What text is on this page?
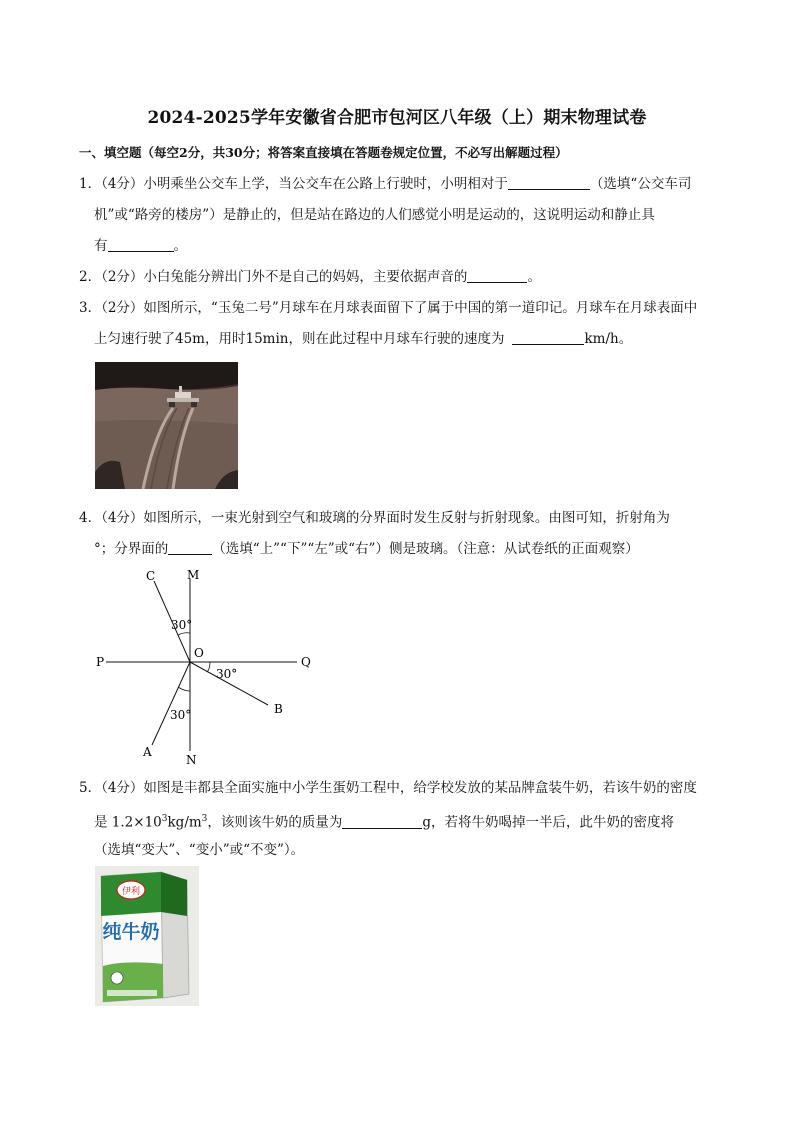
2024-2025学年安徽省合肥市包河区八年级（上）期末物理试卷
一、填空题（每空2分，共30分；将答案直接填在答题卷规定位置，不必写出解题过程）
1．（4分）小明乘坐公交车上学，当公交车在公路上行驶时，小明相对于	（选填“公交车司
机”或“路旁的楼房”）是静止的，但是站在路边的人们感觉小明是运动的，这说明运动和静止具
有	。
2．（2分）小白兔能分辨出门外不是自己的妈妈，主要依据声音的	。
3．（2分）如图所示，“玉兔二号”月球车在月球表面留下了属于中国的第一道印记。月球车在月球表面中
上匀速行驶了45m，用时15min，则在此过程中月球车行驶的速度为	km/h。
4．（4分）如图所示，一束光射到空气和玻璃的分界面时发生反射与折射现象。由图可知，折射角为
°；分界面的	（选填“上”“下”“左”或“右”）侧是玻璃。（注意：从试卷纸的正面观察）
C	M
P
O
Q
B
A
N
30°
30°
30°
5．（4分）如图是丰都县全面实施中小学生蛋奶工程中，给学校发放的某品牌盒装牛奶，若该牛奶的密度
是 $1.2\times 10^3kg/m^3$，该则该牛奶的质量为	g，若将牛奶喝掉一半后，此牛奶的密度将
（选填“变大”、“变小”或“不变”）。
伊利
纯牛奶
